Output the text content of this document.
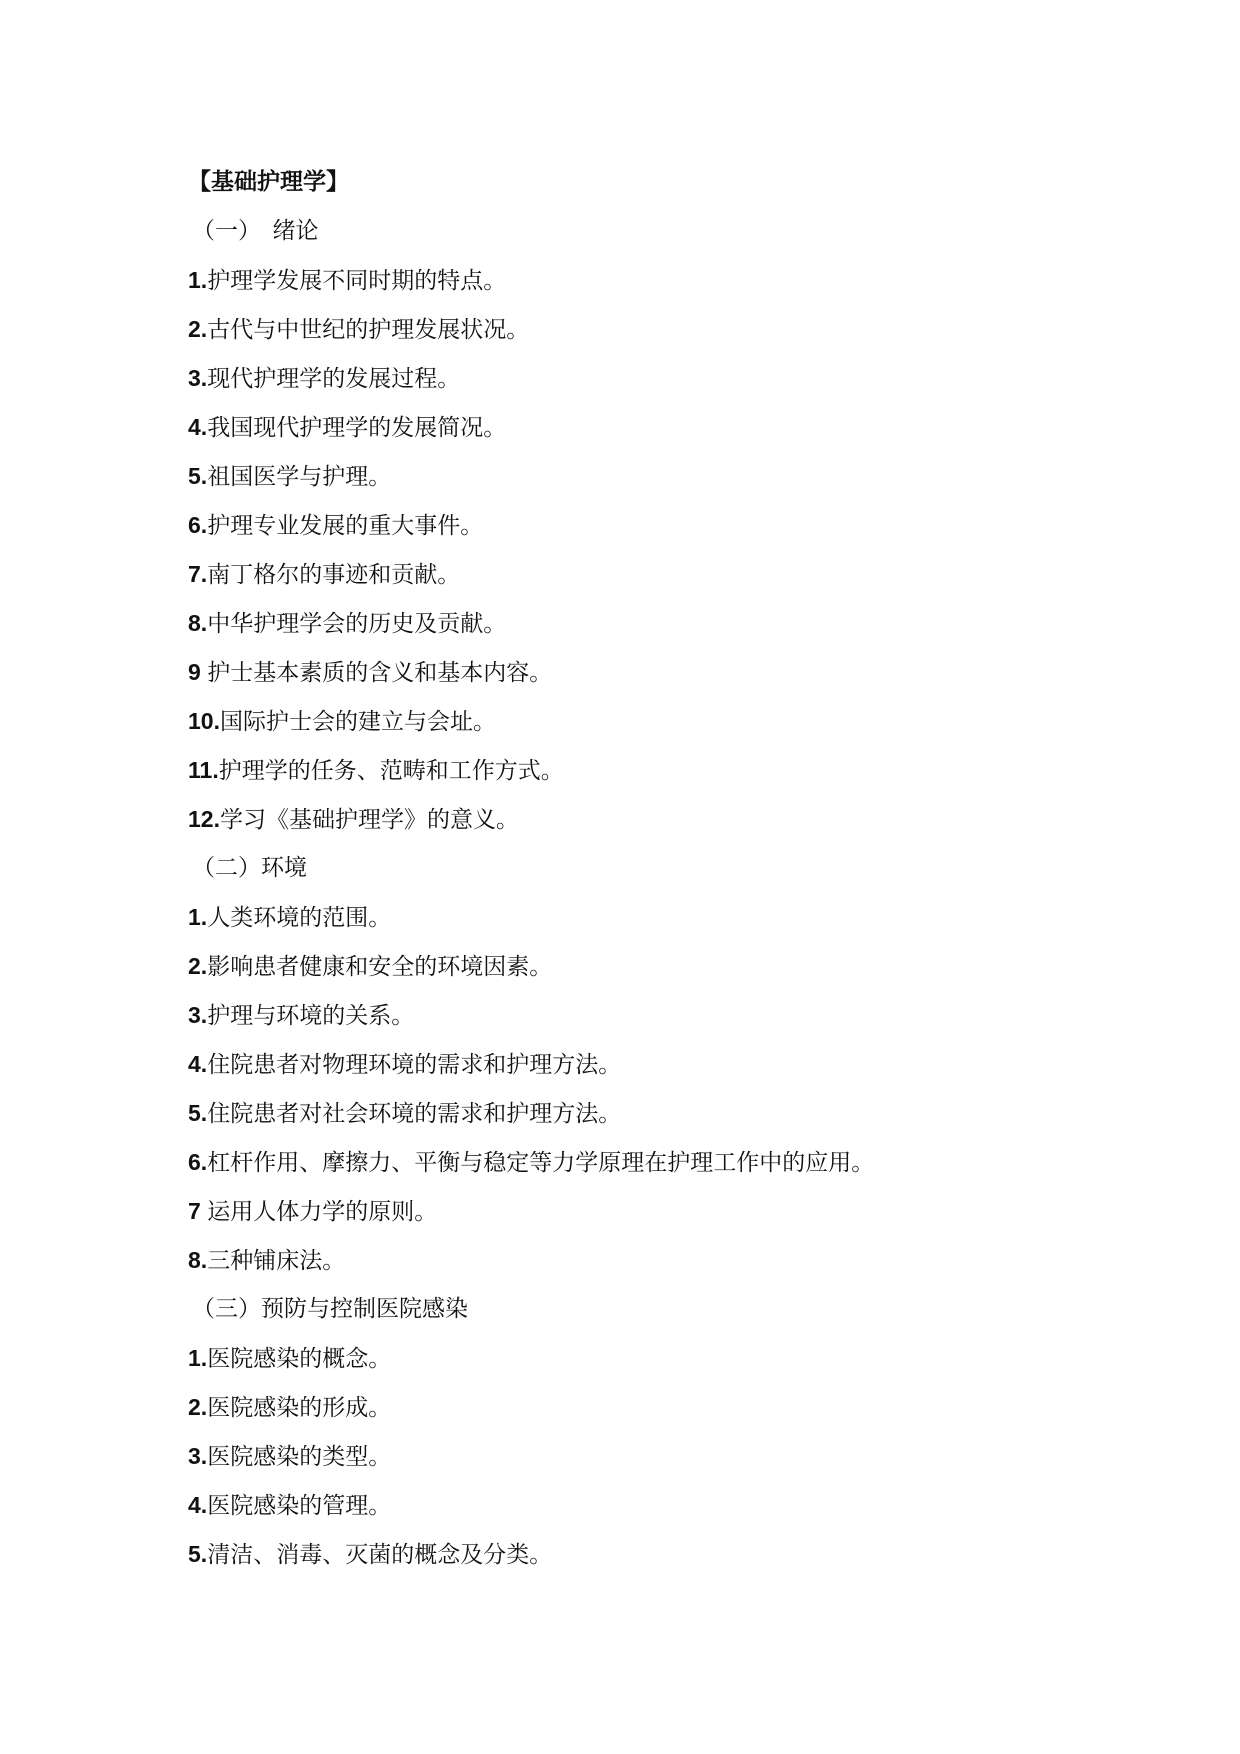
【基础护理学】
（一）　绪论
1.护理学发展不同时期的特点。
2.古代与中世纪的护理发展状况。
3.现代护理学的发展过程。
4.我国现代护理学的发展简况。
5.祖国医学与护理。
6.护理专业发展的重大事件。
7.南丁格尔的事迹和贡献。
8.中华护理学会的历史及贡献。
9 护士基本素质的含义和基本内容。
10.国际护士会的建立与会址。
11.护理学的任务、范畴和工作方式。
12.学习《基础护理学》的意义。
（二）环境
1.人类环境的范围。
2.影响患者健康和安全的环境因素。
3.护理与环境的关系。
4.住院患者对物理环境的需求和护理方法。
5.住院患者对社会环境的需求和护理方法。
6.杠杆作用、摩擦力、平衡与稳定等力学原理在护理工作中的应用。
7 运用人体力学的原则。
8.三种铺床法。
（三）预防与控制医院感染
1.医院感染的概念。
2.医院感染的形成。
3.医院感染的类型。
4.医院感染的管理。
5.清洁、消毒、灭菌的概念及分类。
